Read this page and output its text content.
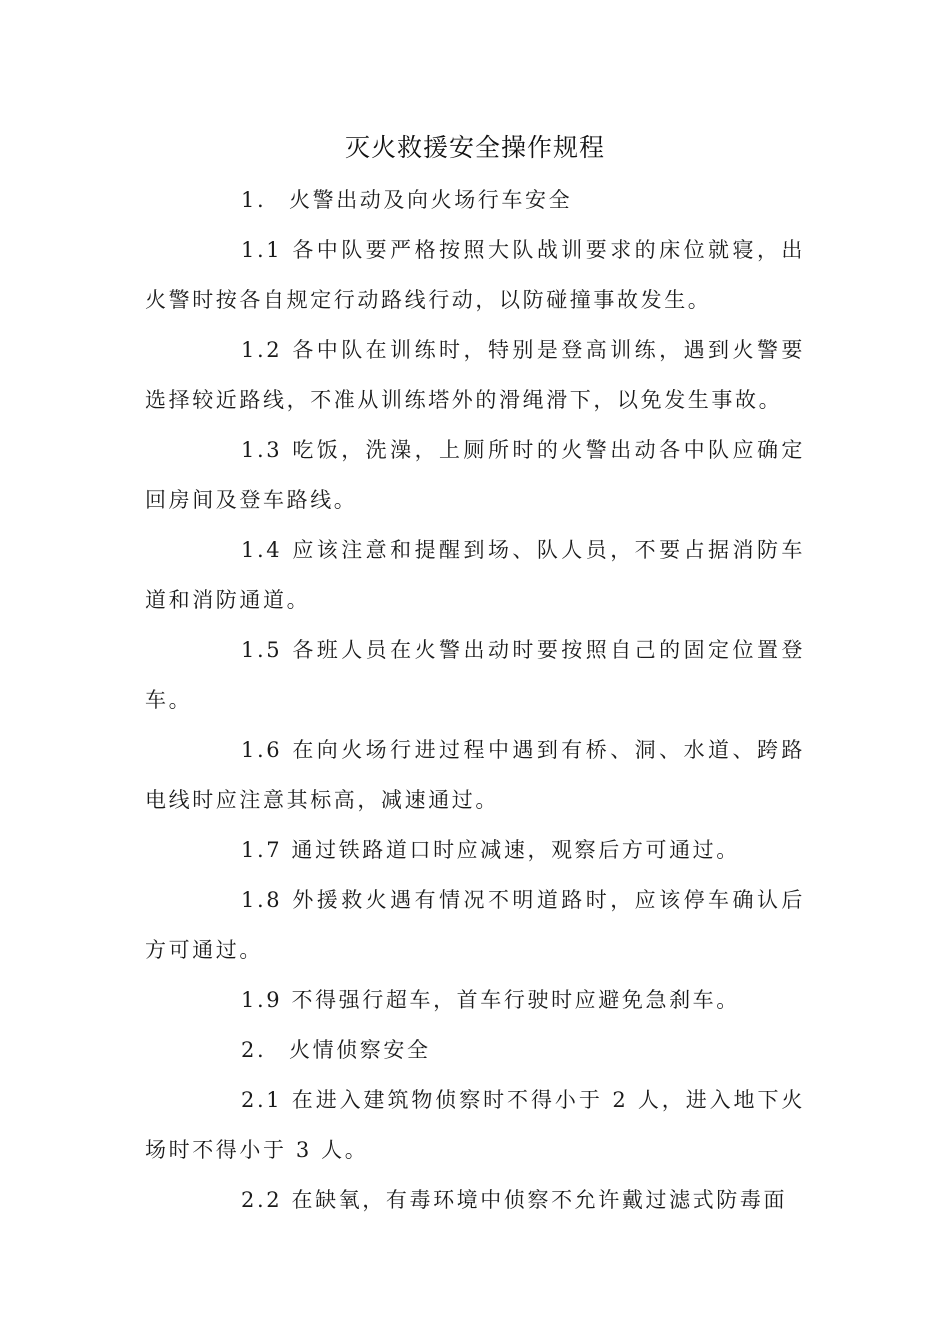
灭火救援安全操作规程

1. 火警出动及向火场行车安全

1.1 各中队要严格按照大队战训要求的床位就寝，出火警时按各自规定行动路线行动，以防碰撞事故发生。

1.2 各中队在训练时，特别是登高训练，遇到火警要选择较近路线，不准从训练塔外的滑绳滑下，以免发生事故。

1.3 吃饭，洗澡，上厕所时的火警出动各中队应确定回房间及登车路线。

1.4 应该注意和提醒到场、队人员，不要占据消防车道和消防通道。

1.5 各班人员在火警出动时要按照自己的固定位置登车。

1.6 在向火场行进过程中遇到有桥、洞、水道、跨路电线时应注意其标高，减速通过。

1.7 通过铁路道口时应减速，观察后方可通过。

1.8 外援救火遇有情况不明道路时，应该停车确认后方可通过。

1.9 不得强行超车，首车行驶时应避免急刹车。

2. 火情侦察安全

2.1 在进入建筑物侦察时不得小于 2 人，进入地下火场时不得小于 3 人。

2.2 在缺氧，有毒环境中侦察不允许戴过滤式防毒面
